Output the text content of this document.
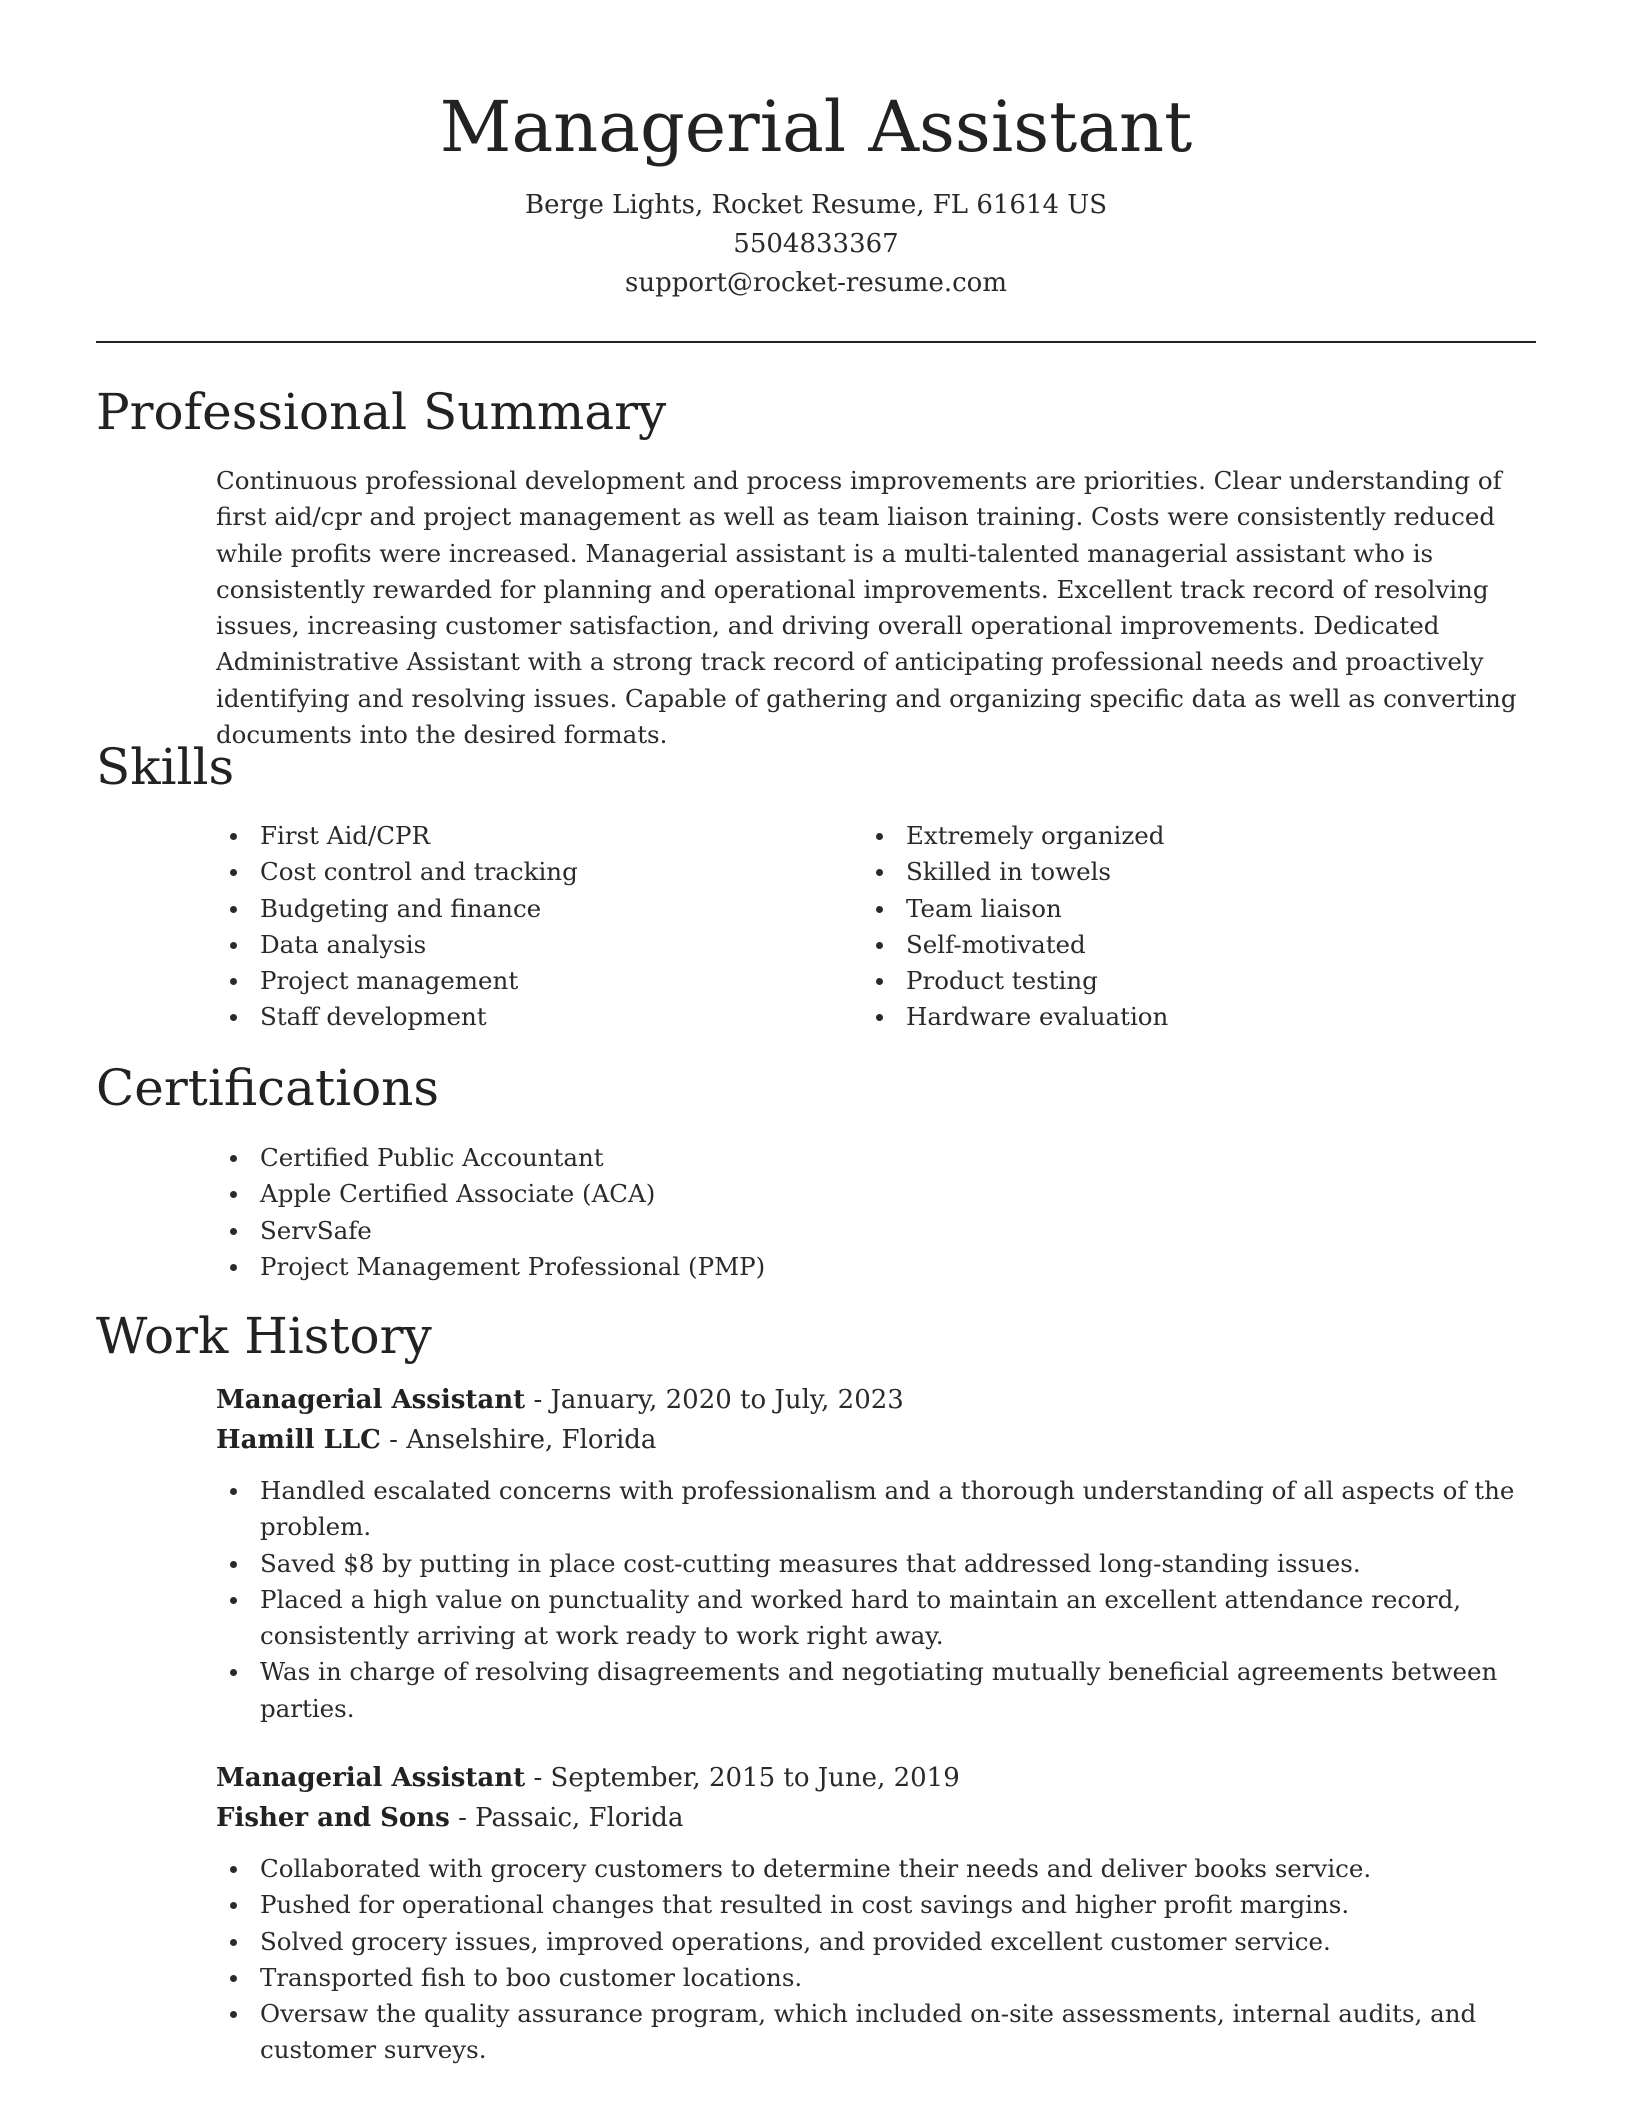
Managerial Assistant

Berge Lights, Rocket Resume, FL 61614 US

5504833367

support@rocket-resume.com

Professional Summary

Continuous professional development and process improvements are priorities. Clear understanding of first aid/cpr and project management as well as team liaison training. Costs were consistently reduced while profits were increased. Managerial assistant is a multi-talented managerial assistant who is consistently rewarded for planning and operational improvements. Excellent track record of resolving issues, increasing customer satisfaction, and driving overall operational improvements. Dedicated Administrative Assistant with a strong track record of anticipating professional needs and proactively identifying and resolving issues. Capable of gathering and organizing specific data as well as converting documents into the desired formats.

Skills
First Aid/CPR
Cost control and tracking
Budgeting and finance
Data analysis
Project management
Staff development
Extremely organized
Skilled in towels
Team liaison
Self-motivated
Product testing
Hardware evaluation
Certifications
Certified Public Accountant
Apple Certified Associate (ACA)
ServSafe
Project Management Professional (PMP)
Work History

Managerial Assistant - January, 2020 to July, 2023

Hamill LLC - Anselshire, Florida

Handled escalated concerns with professionalism and a thorough understanding of all aspects of the problem.
Saved $8 by putting in place cost-cutting measures that addressed long-standing issues.
Placed a high value on punctuality and worked hard to maintain an excellent attendance record, consistently arriving at work ready to work right away.
Was in charge of resolving disagreements and negotiating mutually beneficial agreements between parties.

Managerial Assistant - September, 2015 to June, 2019

Fisher and Sons - Passaic, Florida

Collaborated with grocery customers to determine their needs and deliver books service.
Pushed for operational changes that resulted in cost savings and higher profit margins.
Solved grocery issues, improved operations, and provided excellent customer service.
Transported fish to boo customer locations.
Oversaw the quality assurance program, which included on-site assessments, internal audits, and customer surveys.
